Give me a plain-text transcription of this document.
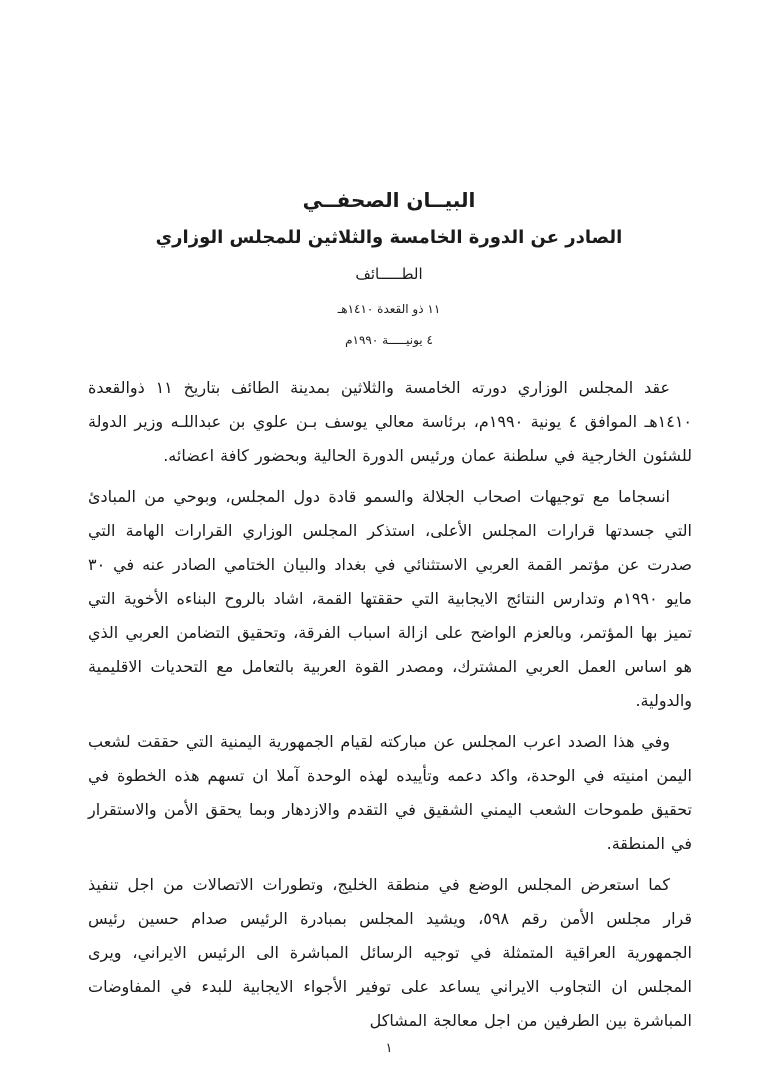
البيــان الصحفــي
الصادر عن الدورة الخامسة والثلاثين للمجلس الوزاري
الطـــــائف
١١ ذو القعدة ١٤١٠هـ
٤ يونيـــــة ١٩٩٠م

عقد المجلس الوزاري دورته الخامسة والثلاثين بمدينة الطائف بتاريخ ١١ ذوالقعدة ١٤١٠هـ الموافق ٤ يونية ١٩٩٠م، برئاسة معالي يوسف بـن علوي بن عبداللـه وزير الدولة للشئون الخارجية في سلطنة عمان ورئيس الدورة الحالية وبحضور كافة اعضائه.

انسجاما مع توجيهات اصحاب الجلالة والسمو قادة دول المجلس، وبوحي من المبادئ التي جسدتها قرارات المجلس الأعلى، استذكر المجلس الوزاري القرارات الهامة التي صدرت عن مؤتمر القمة العربي الاستثنائي في بغداد والبيان الختامي الصادر عنه في ٣٠ مايو ١٩٩٠م وتدارس النتائج الايجابية التي حققتها القمة، اشاد بالروح البناءه الأخوية التي تميز بها المؤتمر، وبالعزم الواضح على ازالة اسباب الفرقة، وتحقيق التضامن العربي الذي هو اساس العمل العربي المشترك، ومصدر القوة العربية بالتعامل مع التحديات الاقليمية والدولية.

وفي هذا الصدد اعرب المجلس عن مباركته لقيام الجمهورية اليمنية التي حققت لشعب اليمن امنيته في الوحدة، واكد دعمه وتأييده لهذه الوحدة آملا ان تسهم هذه الخطوة في تحقيق طموحات الشعب اليمني الشقيق في التقدم والازدهار وبما يحقق الأمن والاستقرار في المنطقة.

كما استعرض المجلس الوضع في منطقة الخليج، وتطورات الاتصالات من اجل تنفيذ قرار مجلس الأمن رقم ٥٩٨، ويشيد المجلس بمبادرة الرئيس صدام حسين رئيس الجمهورية العراقية المتمثلة في توجيه الرسائل المباشرة الى الرئيس الايراني، ويرى المجلس ان التجاوب الايراني يساعد على توفير الأجواء الايجابية للبدء في المفاوضات المباشرة بين الطرفين من اجل معالجة المشاكل

١
